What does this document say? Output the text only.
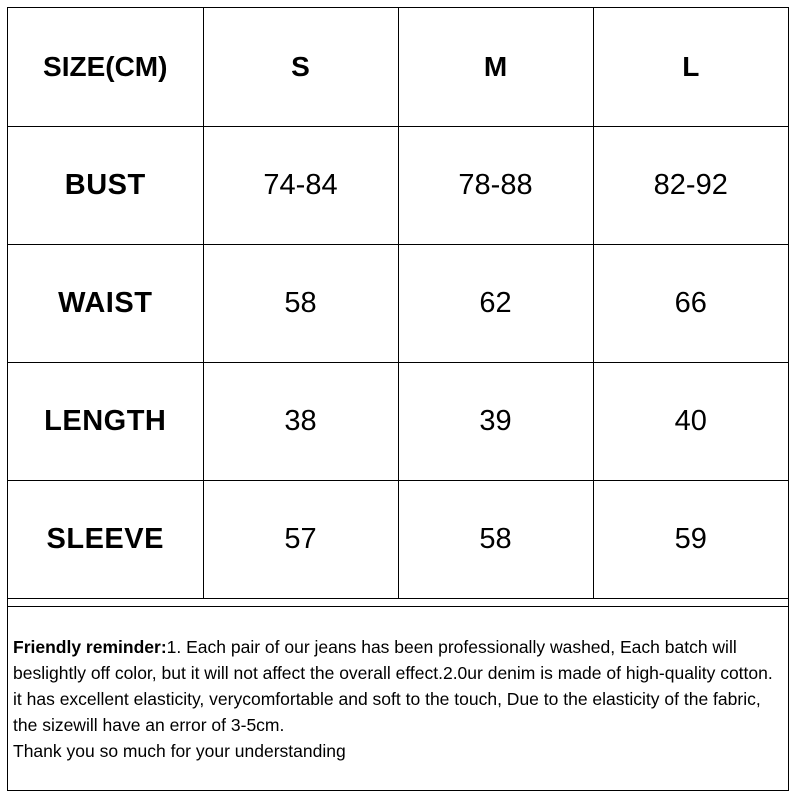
SIZE(CM)	S	M	L
BUST	74-84	78-88	82-92
WAIST	58	62	66
LENGTH	38	39	40
SLEEVE	57	58	59
Friendly reminder:1. Each pair of our jeans has been professionally washed, Each batch will beslightly off color, but it will not affect the overall effect.2.0ur denim is made of high-quality cotton. it has excellent elasticity, verycomfortable and soft to the touch, Due to the elasticity of the fabric, the sizewill have an error of 3-5cm.
Thank you so much for your understanding
